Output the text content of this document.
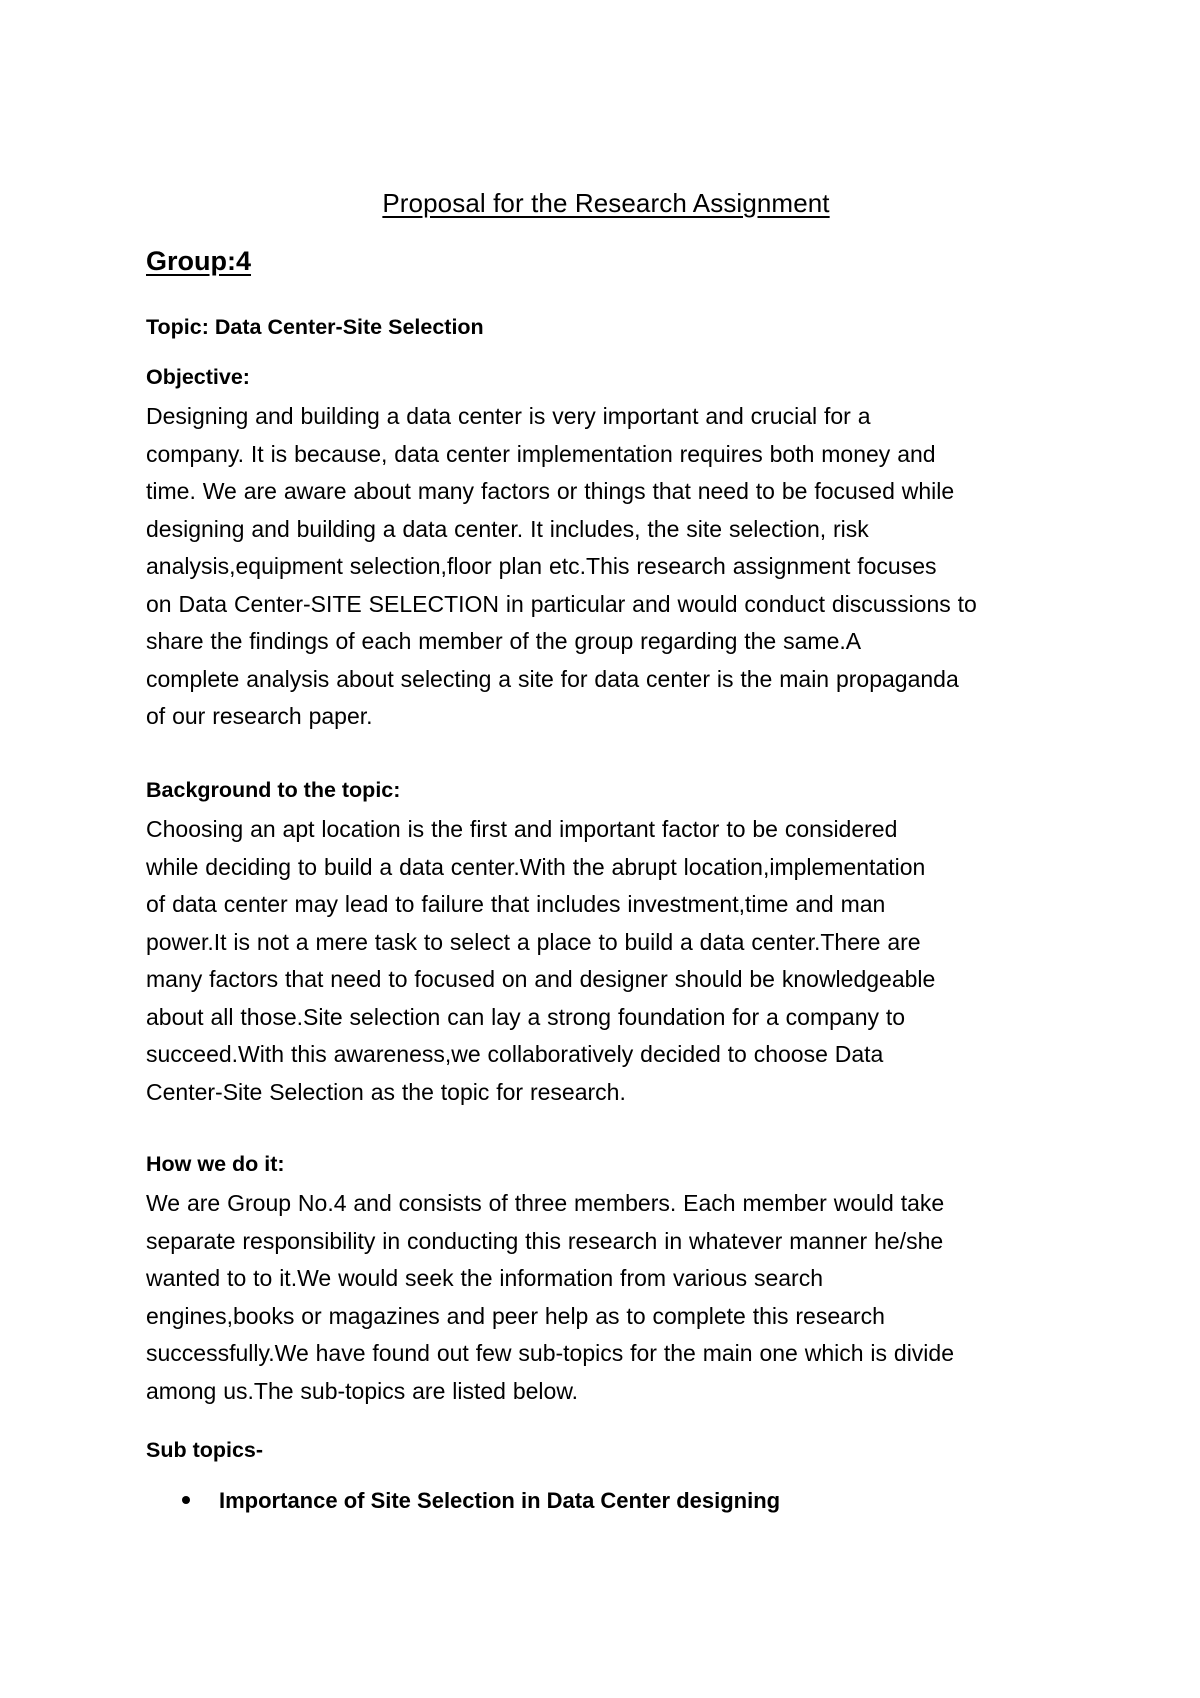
Proposal for the Research Assignment
Group:4

Topic: Data Center-Site Selection

Objective:

Designing and building a data center is very important and crucial for a
company. It is because, data center implementation requires both money and
time. We are aware about many factors or things that need to be focused while
designing and building a data center. It includes, the site selection, risk
analysis,equipment selection,floor plan etc.This research assignment focuses
on Data Center-SITE SELECTION in particular and would conduct discussions to
share the findings of each member of the group regarding the same.A
complete analysis about selecting a site for data center is the main propaganda
of our research paper.

Background to the topic:

Choosing an apt location is the first and important factor to be considered
while deciding to build a data center.With the abrupt location,implementation
of data center may lead to failure that includes investment,time and man
power.It is not a mere task to select a place to build a data center.There are
many factors that need to focused on and designer should be knowledgeable
about all those.Site selection can lay a strong foundation for a company to
succeed.With this awareness,we collaboratively decided to choose Data
Center-Site Selection as the topic for research.

How we do it:

We are Group No.4 and consists of three members. Each member would take
separate responsibility in conducting this research in whatever manner he/she
wanted to to it.We would seek the information from various search
engines,books or magazines and peer help as to complete this research
successfully.We have found out few sub-topics for the main one which is divide
among us.The sub-topics are listed below.

Sub topics-

Importance of Site Selection in Data Center designing
